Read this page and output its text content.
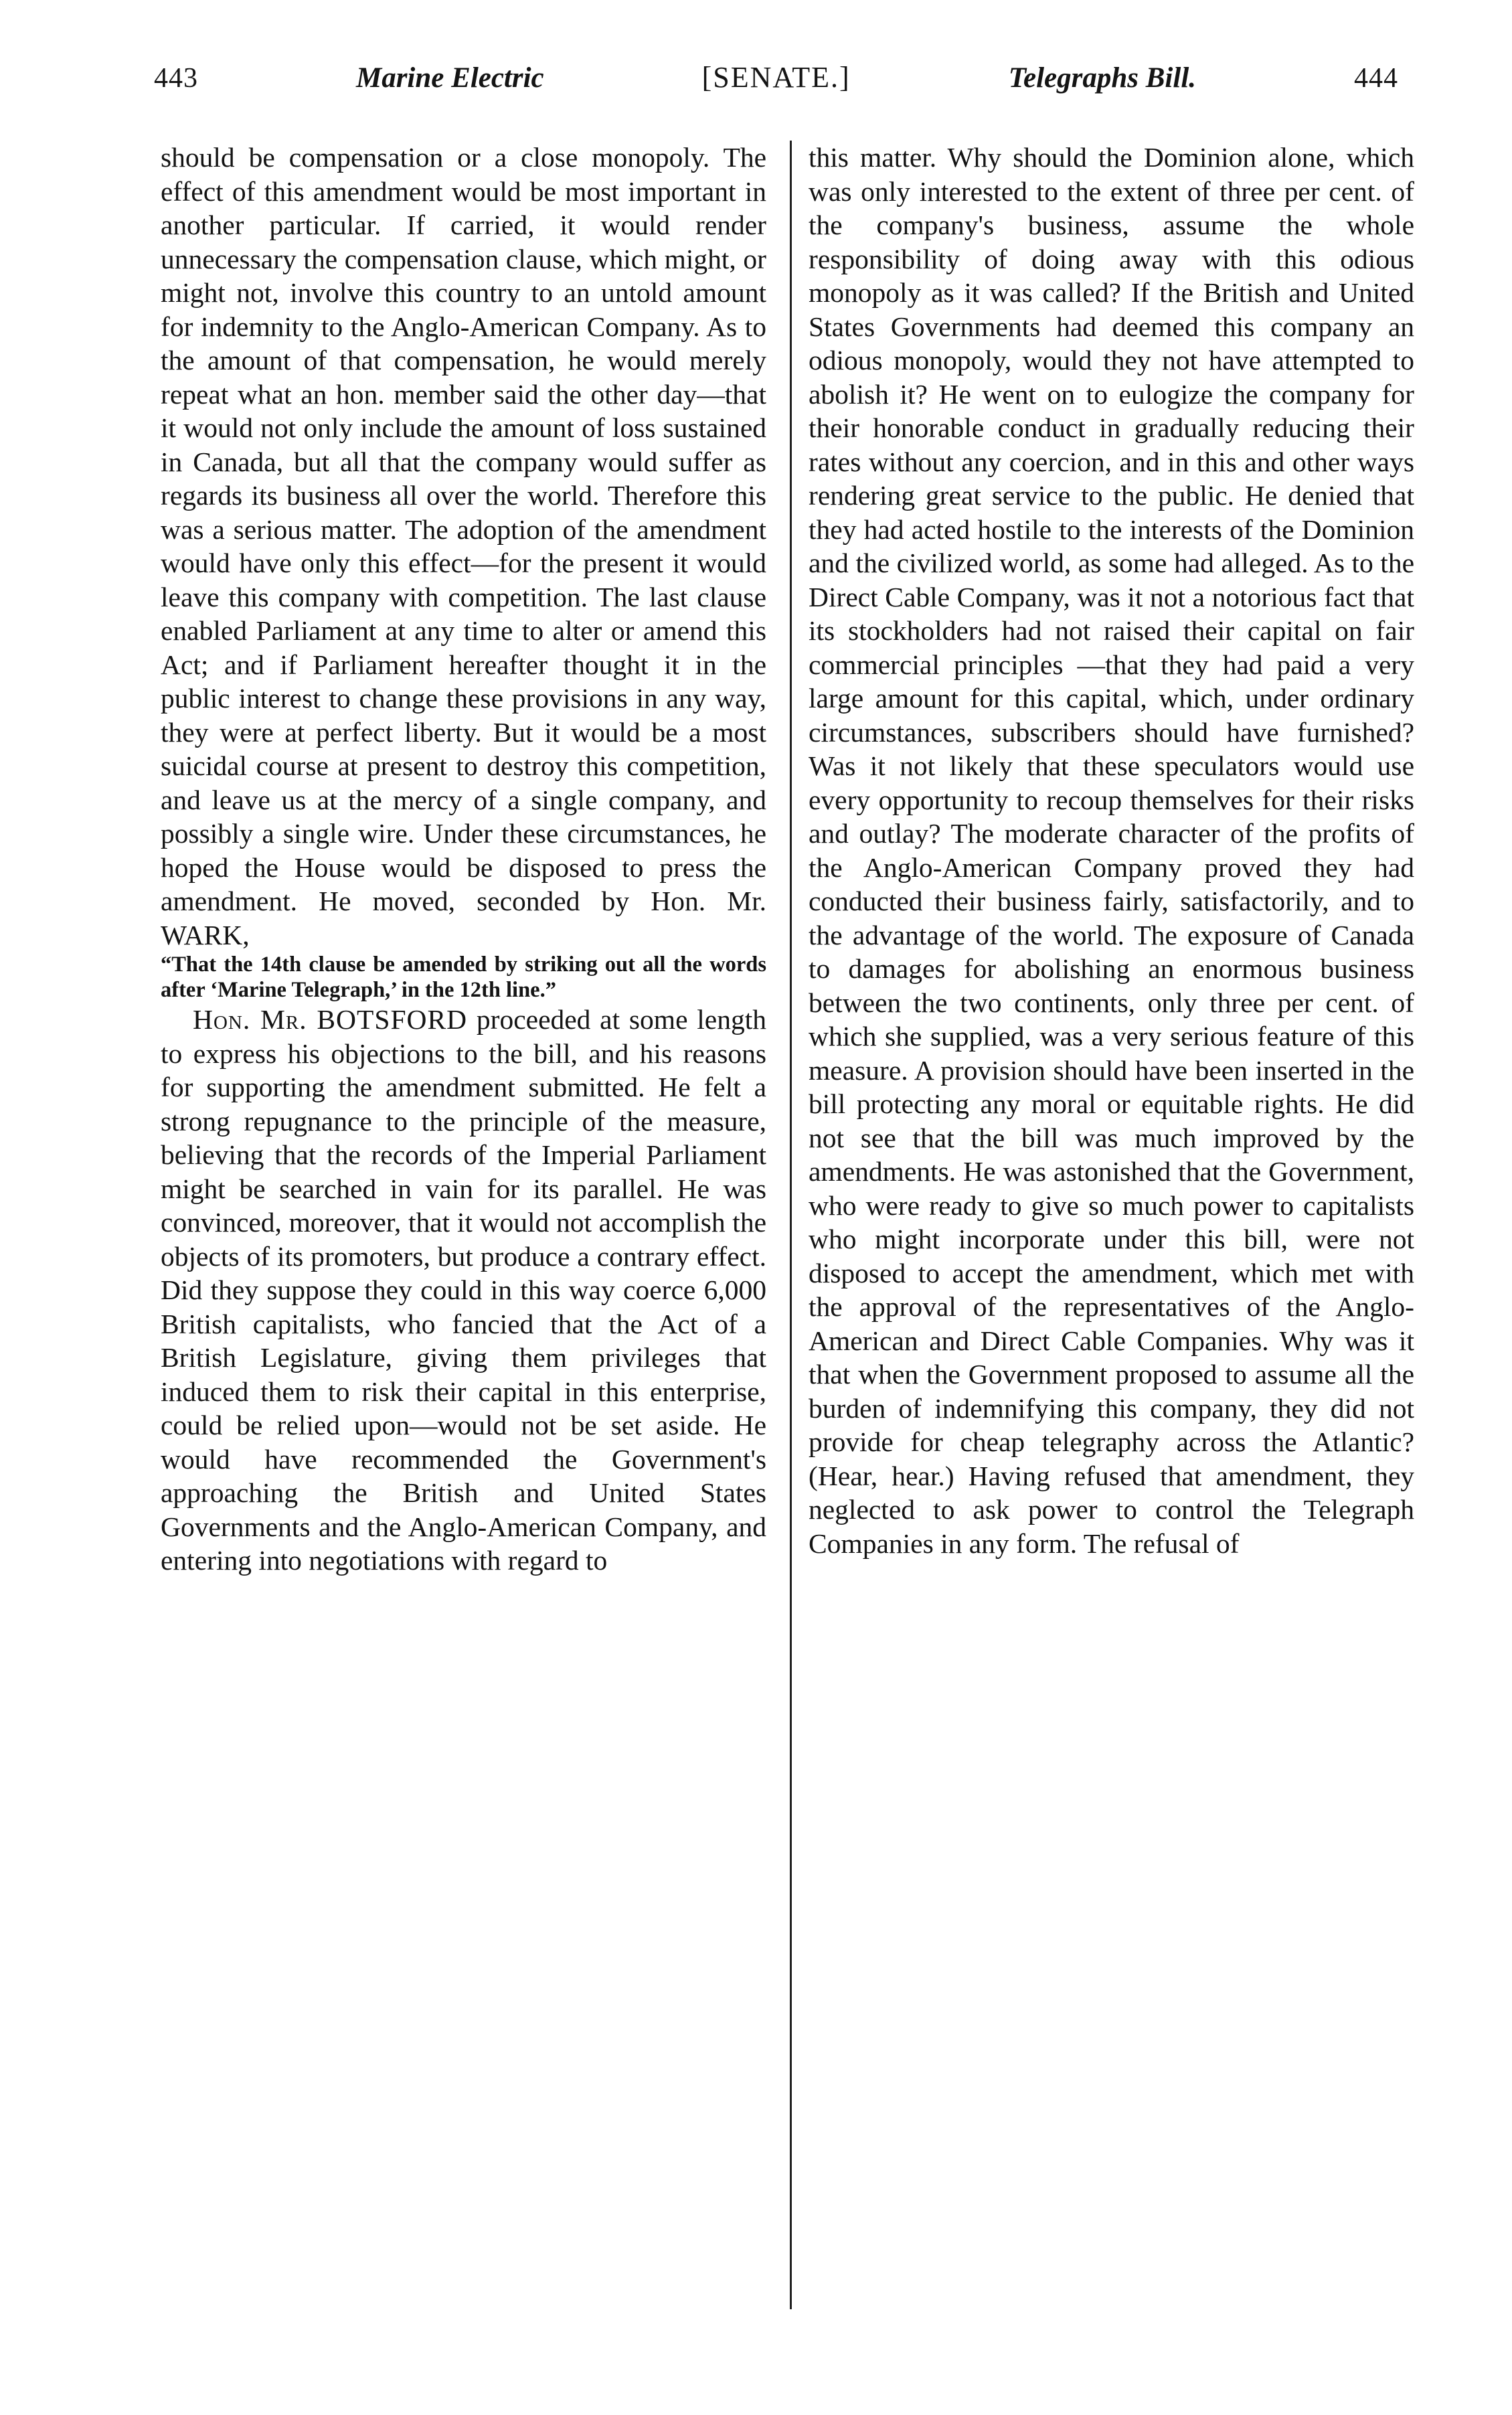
443	Marine Electric	[SENATE.]	Telegraphs Bill.	444

should be compensation or a close monopoly. The effect of this amendment would be most important in another particular. If carried, it would render unnecessary the compensation clause, which might, or might not, involve this country to an untold amount for indemnity to the Anglo-American Company. As to the amount of that compensation, he would merely repeat what an hon. member said the other day—that it would not only include the amount of loss sustained in Canada, but all that the company would suffer as regards its business all over the world. Therefore this was a serious matter. The adoption of the amendment would have only this effect—for the present it would leave this company with competition. The last clause enabled Parliament at any time to alter or amend this Act; and if Parliament hereafter thought it in the public interest to change these provisions in any way, they were at perfect liberty. But it would be a most suicidal course at present to destroy this competition, and leave us at the mercy of a single company, and possibly a single wire. Under these circumstances, he hoped the House would be disposed to press the amendment. He moved, seconded by Hon. Mr. WARK,

“That the 14th clause be amended by striking out all the words after ‘Marine Telegraph,’ in the 12th line.”

Hon. Mr. BOTSFORD proceeded at some length to express his objections to the bill, and his reasons for supporting the amendment submitted. He felt a strong repugnance to the principle of the measure, believing that the records of the Imperial Parliament might be searched in vain for its parallel. He was convinced, moreover, that it would not accomplish the objects of its promoters, but produce a contrary effect. Did they suppose they could in this way coerce 6,000 British capitalists, who fancied that the Act of a British Legislature, giving them privileges that induced them to risk their capital in this enterprise, could be relied upon—would not be set aside. He would have recommended the Government's approaching the British and United States Governments and the Anglo-American Company, and entering into negotiations with regard to

this matter. Why should the Dominion alone, which was only interested to the extent of three per cent. of the company's business, assume the whole responsibility of doing away with this odious monopoly as it was called? If the British and United States Governments had deemed this company an odious monopoly, would they not have attempted to abolish it? He went on to eulogize the company for their honorable conduct in gradually reducing their rates without any coercion, and in this and other ways rendering great service to the public. He denied that they had acted hostile to the interests of the Dominion and the civilized world, as some had alleged. As to the Direct Cable Company, was it not a notorious fact that its stockholders had not raised their capital on fair commercial principles —that they had paid a very large amount for this capital, which, under ordinary circumstances, subscribers should have furnished? Was it not likely that these speculators would use every opportunity to recoup themselves for their risks and outlay? The moderate character of the profits of the Anglo-American Company proved they had conducted their business fairly, satisfactorily, and to the advantage of the world. The exposure of Canada to damages for abolishing an enormous business between the two continents, only three per cent. of which she supplied, was a very serious feature of this measure. A provision should have been inserted in the bill protecting any moral or equitable rights. He did not see that the bill was much improved by the amendments. He was astonished that the Government, who were ready to give so much power to capitalists who might incorporate under this bill, were not disposed to accept the amendment, which met with the approval of the representatives of the Anglo-American and Direct Cable Companies. Why was it that when the Government proposed to assume all the burden of indemnifying this company, they did not provide for cheap telegraphy across the Atlantic? (Hear, hear.) Having refused that amendment, they neglected to ask power to control the Telegraph Companies in any form. The refusal of
